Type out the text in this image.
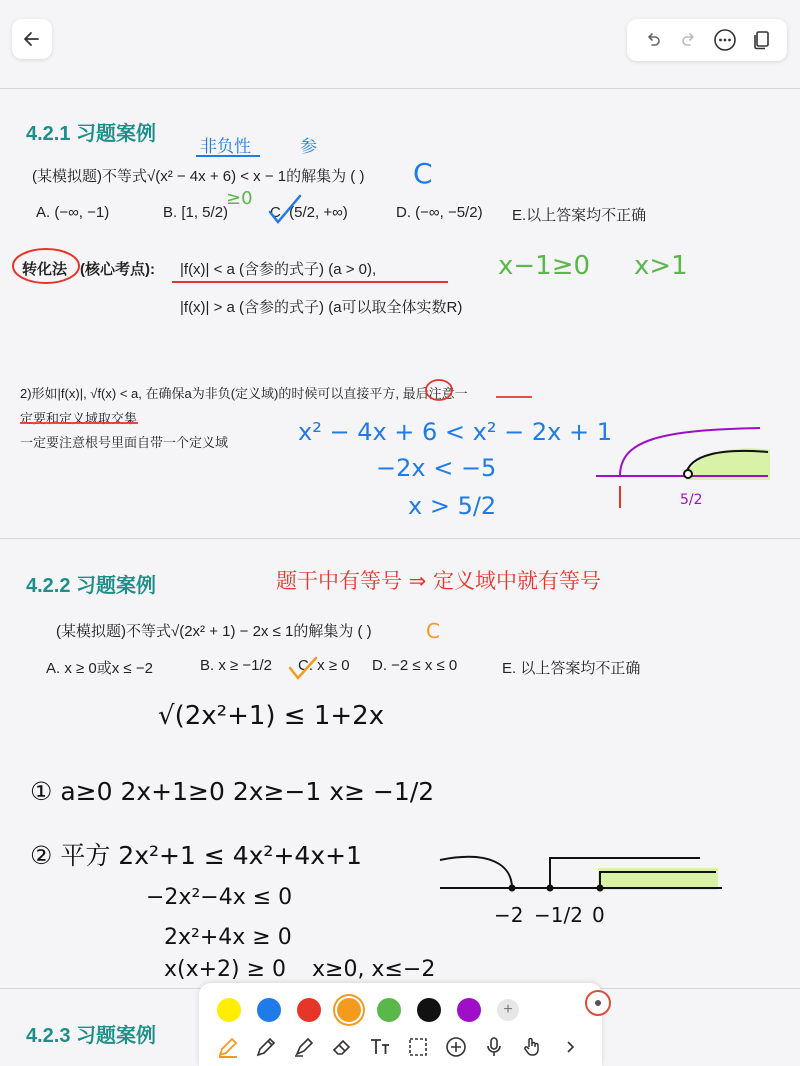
4.2.1 习题案例
(某模拟题)不等式√(x² − 4x + 6) < x − 1的解集为 ( )
A. (−∞, −1)	B. [1, 5/2)	C. (5/2, +∞)	D. (−∞, −5/2) E.以上答案均不正确
转化法 (核心考点): |f(x)| < a (含参的式子) (a > 0),
|f(x)| > a (含参的式子) (a可以取全体实数R)
2)形如|f(x)|, √f(x) < a, 在确保a为非负(定义域)的时候可以直接平方, 最后注意一
定要和定义域取交集
一定要注意根号里面自带一个定义域
4.2.2 习题案例
(某模拟题)不等式√(2x² + 1) − 2x ≤ 1的解集为 ( )
A. x ≥ 0或x ≤ −2	B. x ≥ −1/2 C. x ≥ 0 D. −2 ≤ x ≤ 0	E. 以上答案均不正确
4.2.3 习题案例
非负性	参
C
≥0
x−1≥0 x>1
x² − 4x + 6 < x² − 2x + 1
−2x < −5
x > 5/2	5/2
题干中有等号 ⇒ 定义域中就有等号
C
√(2x²+1) ≤ 1+2x
① a≥0 2x+1≥0 2x≥−1 x≥ −1/2
② 平方 2x²+1 ≤ 4x²+4x+1
−2x²−4x ≤ 0
2x²+4x ≥ 0
x(x+2) ≥ 0 x≥0, x≤−2
−2 −1/2 0
+
